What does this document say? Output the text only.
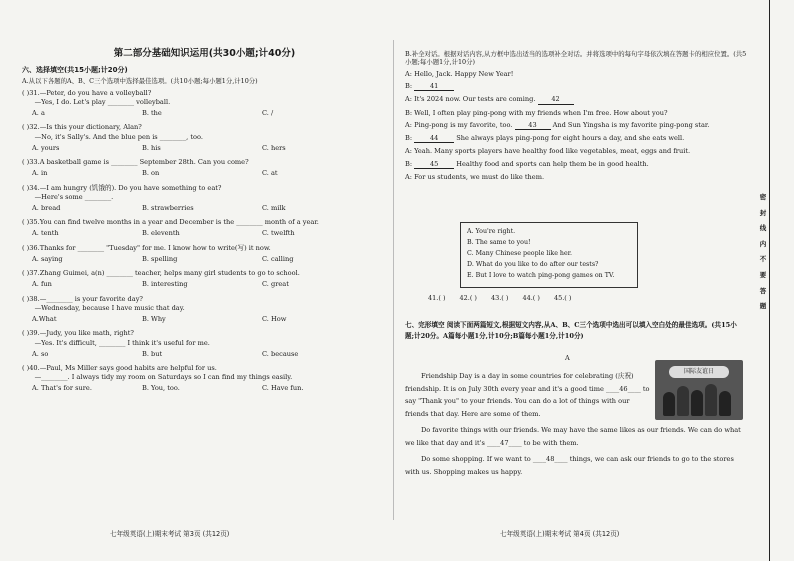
第二部分基础知识运用(共30小题;计40分)
六、选择填空(共15小题;计20分)
A.从以下各题的A、B、C三个选项中选择最佳选项。(共10小题;每小题1分,计10分)
( )31.—Peter, do you have a volleyball?
—Yes, I do. Let's play ________ volleyball.
A. a	B. the	C. /
( )32.—Is this your dictionary, Alan?
—No, it's Sally's. And the blue pen is ________, too.
A. yours	B. his	C. hers
( )33.A basketball game is ________ September 28th. Can you come?
A. in	B. on	C. at
( )34.—I am hungry (饥饿的). Do you have something to eat?
—Here's some ________.
A. bread	B. strawberries	C. milk
( )35.You can find twelve months in a year and December is the ________ month of a year.
A. tenth	B. eleventh	C. twelfth
( )36.Thanks for ________ "Tuesday" for me. I know how to write(写) it now.
A. saying	B. spelling	C. calling
( )37.Zhang Guimei, a(n) ________ teacher, helps many girl students to go to school.
A. fun	B. interesting	C. great
( )38.—________ is your favorite day?
—Wednesday, because I have music that day.
A.What	B. Why	C. How
( )39.—Judy, you like math, right?
—Yes. It's difficult, ________ I think it's useful for me.
A. so	B. but	C. because
( )40.—Paul, Ms Miller says good habits are helpful for us.
—________. I always tidy my room on Saturdays so I can find my things easily.
A. That's for sure.	B. You, too.	C. Have fun.
七年级英语(上)期末考试 第3页 (共12页)
B.补全对话。根据对话内容,从方框中选出适当的选项补全对话。并将选项中的每句字母依次填在答题卡的相应位置。(共5小题;每小题1分,计10分)

A: Hello, Jack. Happy New Year!

B: 41

A: It's 2024 now. Our tests are coming. 42

B: Well, I often play ping-pong with my friends when I'm free. How about you?

A: Ping-pong is my favorite, too. 43 And Sun Yingsha is my favorite ping-pong star.

B: 44 She always plays ping-pong for eight hours a day, and she eats well.

A: Yeah. Many sports players have healthy food like vegetables, meat, eggs and fruit.

B: 45 Healthy food and sports can help them be in good health.

A: For us students, we must do like them.

A. You're right.
B. The same to you!
C. Many Chinese people like her.
D. What do you like to do after our tests?
E. But I love to watch ping-pong games on TV.
41.( ) 42.( ) 43.( ) 44.( ) 45.( )
七、完形填空 阅读下面两篇短文,根据短文内容,从A、B、C三个选项中选出可以填入空白处的最佳选项。(共15小题;计20分。A篇每小题1分,计10分;B篇每小题1分,计10分)
A

Friendship Day is a day in some countries for celebrating (庆祝) friendship. It is on July 30th every year and it's a good time ____46____ to say "Thank you" to your friends. You can do a lot of things with our friends that day. Here are some of them.

Do favorite things with our friends. We may have the same likes as our friends. We can do what we like that day and it's ____47____ to be with them.

Do some shopping. If we want to ____48____ things, we can ask our friends to go to the stores with us. Shopping makes us happy.

国际友谊日
七年级英语(上)期末考试 第4页 (共12页)
密
封
线
内
不
要
答
题
